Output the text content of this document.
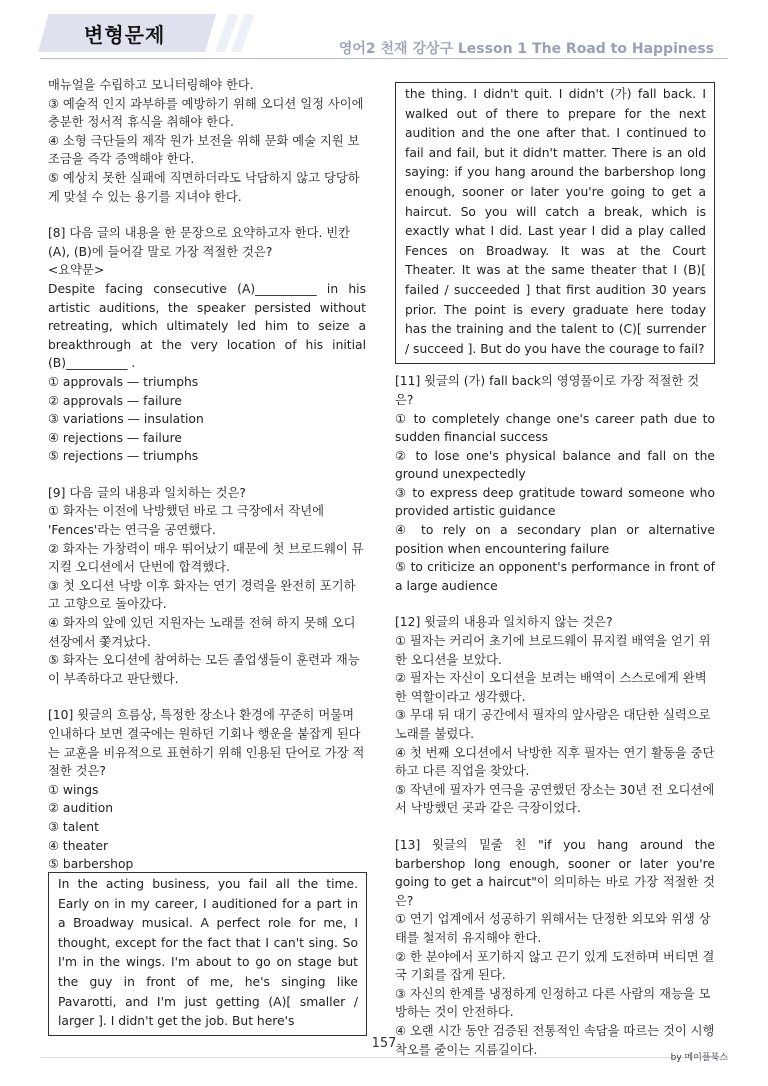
변형문제
영어2 천재 강상구 Lesson 1 The Road to Happiness

매뉴얼을 수립하고 모니터링해야 한다.

③ 예술적 인지 과부하를 예방하기 위해 오디션 일정 사이에 충분한 정서적 휴식을 취해야 한다.

④ 소형 극단들의 제작 원가 보전을 위해 문화 예술 지원 보조금을 즉각 증액해야 한다.

⑤ 예상치 못한 실패에 직면하더라도 낙담하지 않고 당당하게 맞설 수 있는 용기를 지녀야 한다.

[8] 다음 글의 내용을 한 문장으로 요약하고자 한다. 빈칸 (A), (B)에 들어갈 말로 가장 적절한 것은?

<요약문>

Despite facing consecutive (A)__________ in his artistic auditions, the speaker persisted without retreating, which ultimately led him to seize a breakthrough at the very location of his initial (B)__________ .

① approvals — triumphs

② approvals — failure

③ variations — insulation

④ rejections — failure

⑤ rejections — triumphs

[9] 다음 글의 내용과 일치하는 것은?

① 화자는 이전에 낙방했던 바로 그 극장에서 작년에 'Fences'라는 연극을 공연했다.

② 화자는 가창력이 매우 뛰어났기 때문에 첫 브로드웨이 뮤지컬 오디션에서 단번에 합격했다.

③ 첫 오디션 낙방 이후 화자는 연기 경력을 완전히 포기하고 고향으로 돌아갔다.

④ 화자의 앞에 있던 지원자는 노래를 전혀 하지 못해 오디션장에서 쫓겨났다.

⑤ 화자는 오디션에 참여하는 모든 졸업생들이 훈련과 재능이 부족하다고 판단했다.

[10] 윗글의 흐름상, 특정한 장소나 환경에 꾸준히 머물며 인내하다 보면 결국에는 원하던 기회나 행운을 붙잡게 된다는 교훈을 비유적으로 표현하기 위해 인용된 단어로 가장 적절한 것은?

① wings

② audition

③ talent

④ theater

⑤ barbershop

In the acting business, you fail all the time. Early on in my career, I auditioned for a part in a Broadway musical. A perfect role for me, I thought, except for the fact that I can't sing. So I'm in the wings. I'm about to go on stage but the guy in front of me, he's singing like Pavarotti, and I'm just getting (A)[ smaller / larger ]. I didn't get the job. But here's
the thing. I didn't quit. I didn't (가) fall back. I walked out of there to prepare for the next audition and the one after that. I continued to fail and fail, but it didn't matter. There is an old saying: if you hang around the barbershop long enough, sooner or later you're going to get a haircut. So you will catch a break, which is exactly what I did. Last year I did a play called Fences on Broadway. It was at the Court Theater. It was at the same theater that I (B)[ failed / succeeded ] that first audition 30 years prior. The point is every graduate here today has the training and the talent to (C)[ surrender / succeed ]. But do you have the courage to fail?

[11] 윗글의 (가) fall back의 영영풀이로 가장 적절한 것은?

① to completely change one's career path due to sudden financial success

② to lose one's physical balance and fall on the ground unexpectedly

③ to express deep gratitude toward someone who provided artistic guidance

④ to rely on a secondary plan or alternative position when encountering failure

⑤ to criticize an opponent's performance in front of a large audience

[12] 윗글의 내용과 일치하지 않는 것은?

① 필자는 커리어 초기에 브로드웨이 뮤지컬 배역을 얻기 위한 오디션을 보았다.

② 필자는 자신이 오디션을 보려는 배역이 스스로에게 완벽한 역할이라고 생각했다.

③ 무대 뒤 대기 공간에서 필자의 앞사람은 대단한 실력으로 노래를 불렀다.

④ 첫 번째 오디션에서 낙방한 직후 필자는 연기 활동을 중단하고 다른 직업을 찾았다.

⑤ 작년에 필자가 연극을 공연했던 장소는 30년 전 오디션에서 낙방했던 곳과 같은 극장이었다.

[13] 윗글의 밑줄 친 "if you hang around the barbershop long enough, sooner or later you're going to get a haircut"이 의미하는 바로 가장 적절한 것은?

① 연기 업계에서 성공하기 위해서는 단정한 외모와 위생 상태를 철저히 유지해야 한다.

② 한 분야에서 포기하지 않고 끈기 있게 도전하며 버티면 결국 기회를 잡게 된다.

③ 자신의 한계를 냉정하게 인정하고 다른 사람의 재능을 모방하는 것이 안전하다.

④ 오랜 시간 동안 검증된 전통적인 속담을 따르는 것이 시행착오를 줄이는 지름길이다.

157
by 메이플북스
